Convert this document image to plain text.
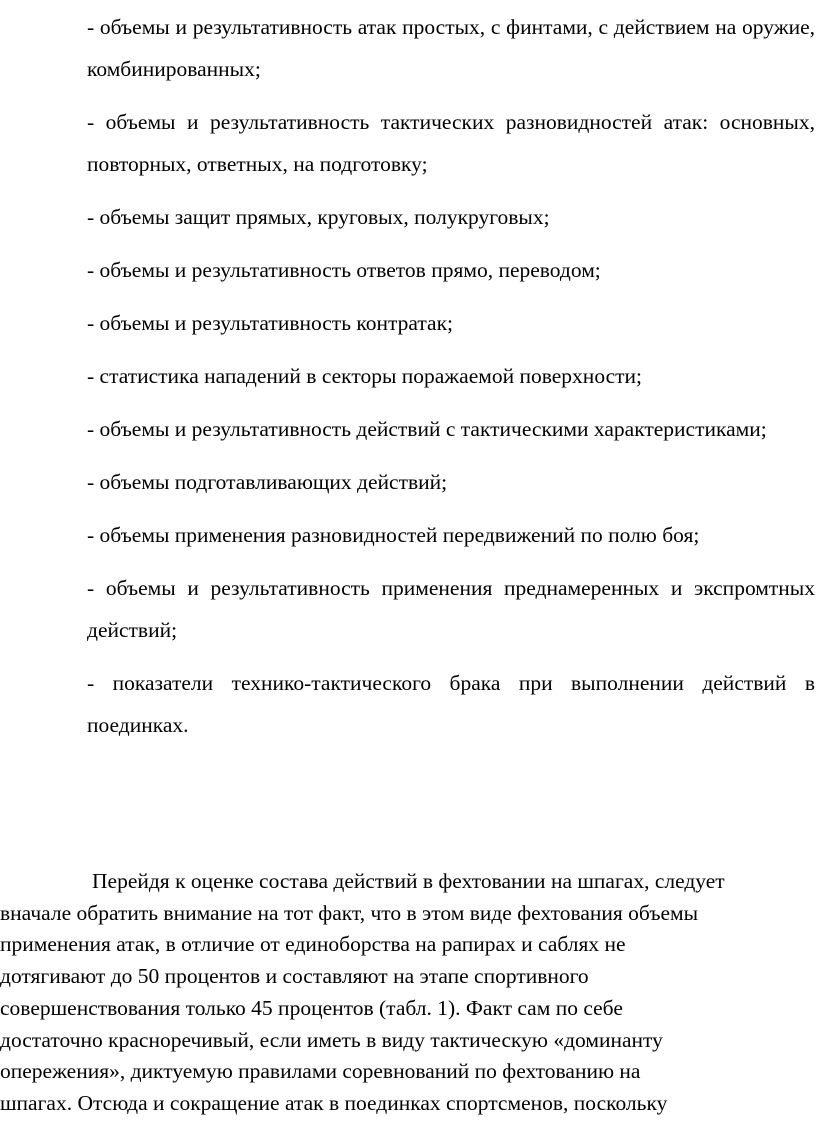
- объемы и результативность атак простых, с финтами, с действием на оружие, комбинированных;

- объемы и результативность тактических разновидностей атак: основных, повторных, ответных, на подготовку;

- объемы защит прямых, круговых, полукруговых;

- объемы и результативность ответов прямо, переводом;

- объемы и результативность контратак;

- статистика нападений в секторы поражаемой поверхности;

- объемы и результативность действий с тактическими характеристиками;

- объемы подготавливающих действий;

- объемы применения разновидностей передвижений по полю боя;

- объемы и результативность применения преднамеренных и экспромтных действий;

- показатели технико-тактического брака при выполнении действий в поединках.

Перейдя к оценке состава действий в фехтовании на шпагах, следует
вначале обратить внимание на тот факт, что в этом виде фехтования объемы
применения атак, в отличие от единоборства на рапирах и саблях не
дотягивают до 50 процентов и составляют на этапе спортивного
совершенствования только 45 процентов (табл. 1). Факт сам по себе
достаточно красноречивый, если иметь в виду тактическую «доминанту
опережения», диктуемую правилами соревнований по фехтованию на
шпагах. Отсюда и сокращение атак в поединках спортсменов, поскольку
